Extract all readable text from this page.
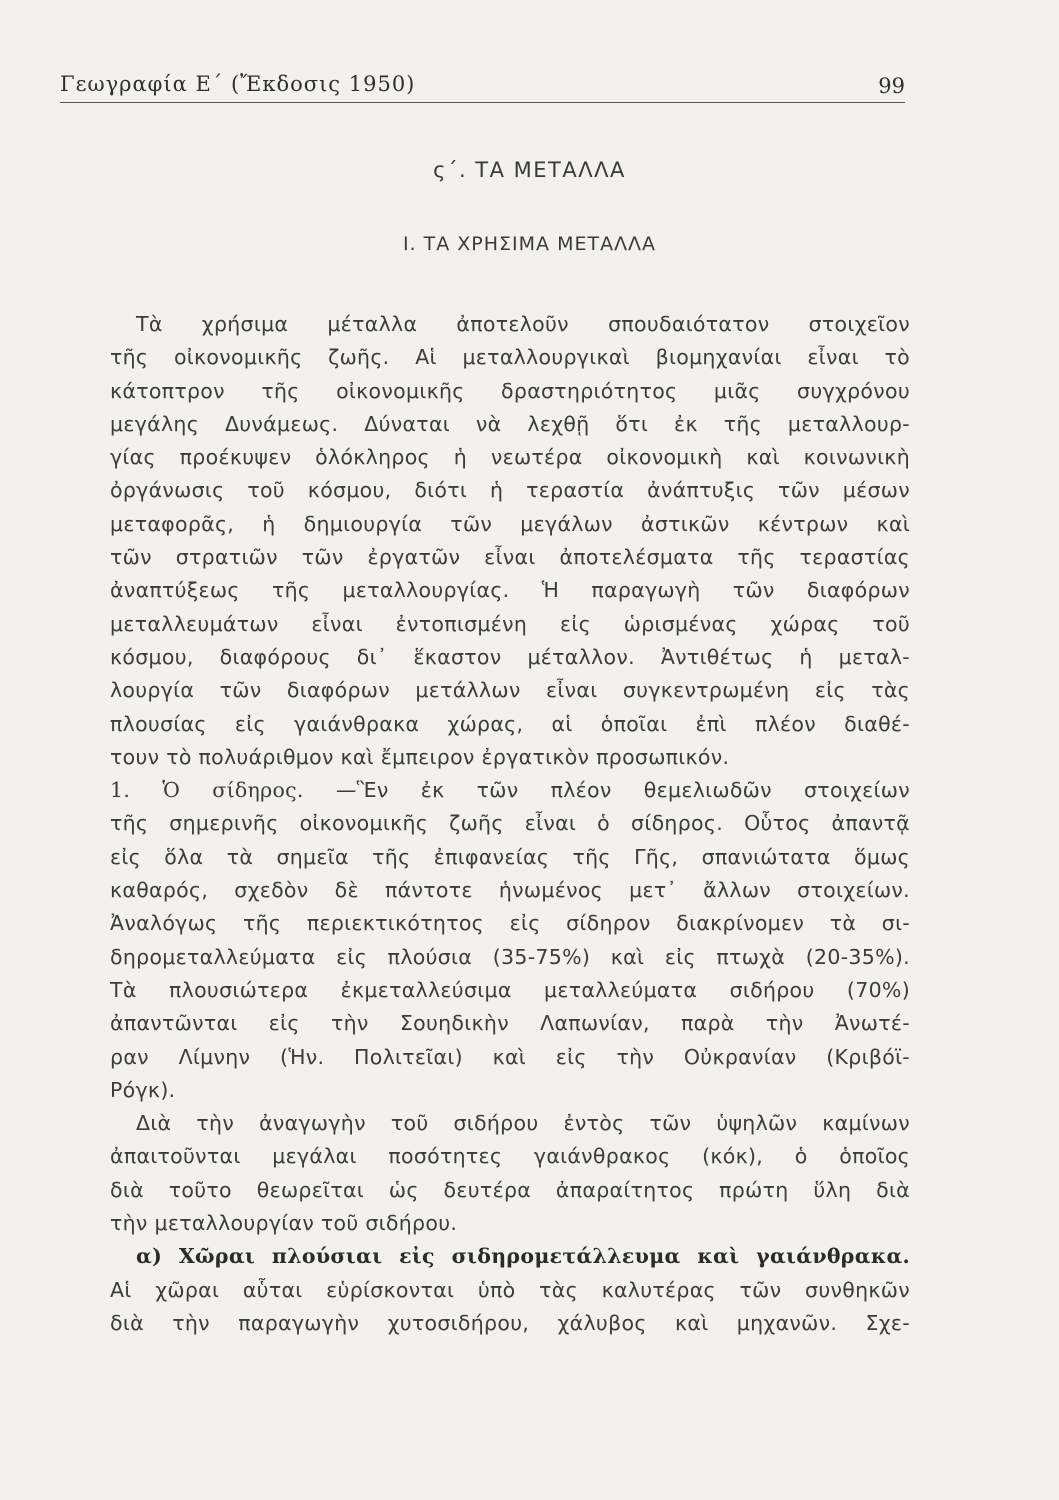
Γεωγραφία Ε΄ (Ἔκδοσις 1950)	99
ς΄. ΤΑ ΜΕΤΑΛΛΑ
Ι. ΤΑ ΧΡΗΣΙΜΑ ΜΕΤΑΛΛΑ
Τὰ χρήσιμα μέταλλα ἀποτελοῦν σπουδαιότατον στοιχεῖον
τῆς οἰκονομικῆς ζωῆς. Αἱ μεταλλουργικαὶ βιομηχανίαι εἶναι τὸ
κάτοπτρον τῆς οἰκονομικῆς δραστηριότητος μιᾶς συγχρόνου
μεγάλης Δυνάμεως. Δύναται νὰ λεχθῇ ὅτι ἐκ τῆς μεταλλουρ-
γίας προέκυψεν ὁλόκληρος ἡ νεωτέρα οἰκονομικὴ καὶ κοινωνικὴ
ὀργάνωσις τοῦ κόσμου, διότι ἡ τεραστία ἀνάπτυξις τῶν μέσων
μεταφορᾶς, ἡ δημιουργία τῶν μεγάλων ἀστικῶν κέντρων καὶ
τῶν στρατιῶν τῶν ἐργατῶν εἶναι ἀποτελέσματα τῆς τεραστίας
ἀναπτύξεως τῆς μεταλλουργίας. Ἡ παραγωγὴ τῶν διαφόρων
μεταλλευμάτων εἶναι ἐντοπισμένη εἰς ὡρισμένας χώρας τοῦ
κόσμου, διαφόρους δι᾿ ἕκαστον μέταλλον. Ἀντιθέτως ἡ μεταλ-
λουργία τῶν διαφόρων μετάλλων εἶναι συγκεντρωμένη εἰς τὰς
πλουσίας εἰς γαιάνθρακα χώρας, αἱ ὁποῖαι ἐπὶ πλέον διαθέ-
τουν τὸ πολυάριθμον καὶ ἔμπειρον ἐργατικὸν προσωπικόν.
1. Ὁ σίδηρος. —Ἓν ἐκ τῶν πλέον θεμελιωδῶν στοιχείων
τῆς σημερινῆς οἰκονομικῆς ζωῆς εἶναι ὁ σίδηρος. Οὗτος ἀπαντᾷ
εἰς ὅλα τὰ σημεῖα τῆς ἐπιφανείας τῆς Γῆς, σπανιώτατα ὅμως
καθαρός, σχεδὸν δὲ πάντοτε ἡνωμένος μετ᾿ ἄλλων στοιχείων.
Ἀναλόγως τῆς περιεκτικότητος εἰς σίδηρον διακρίνομεν τὰ σι-
δηρομεταλλεύματα εἰς πλούσια (35-75%) καὶ εἰς πτωχὰ (20-35%).
Τὰ πλουσιώτερα ἐκμεταλλεύσιμα μεταλλεύματα σιδήρου (70%)
ἀπαντῶνται εἰς τὴν Σουηδικὴν Λαπωνίαν, παρὰ τὴν Ἀνωτέ-
ραν Λίμνην (Ἡν. Πολιτεῖαι) καὶ εἰς τὴν Οὐκρανίαν (Κριβόϊ-
Ρόγκ).
Διὰ τὴν ἀναγωγὴν τοῦ σιδήρου ἐντὸς τῶν ὑψηλῶν καμίνων
ἀπαιτοῦνται μεγάλαι ποσότητες γαιάνθρακος (κόκ), ὁ ὁποῖος
διὰ τοῦτο θεωρεῖται ὡς δευτέρα ἀπαραίτητος πρώτη ὕλη διὰ
τὴν μεταλλουργίαν τοῦ σιδήρου.
α) Χῶραι πλούσιαι εἰς σιδηρομετάλλευμα καὶ γαιάνθρακα.
Αἱ χῶραι αὗται εὑρίσκονται ὑπὸ τὰς καλυτέρας τῶν συνθηκῶν
διὰ τὴν παραγωγὴν χυτοσιδήρου, χάλυβος καὶ μηχανῶν. Σχε-
